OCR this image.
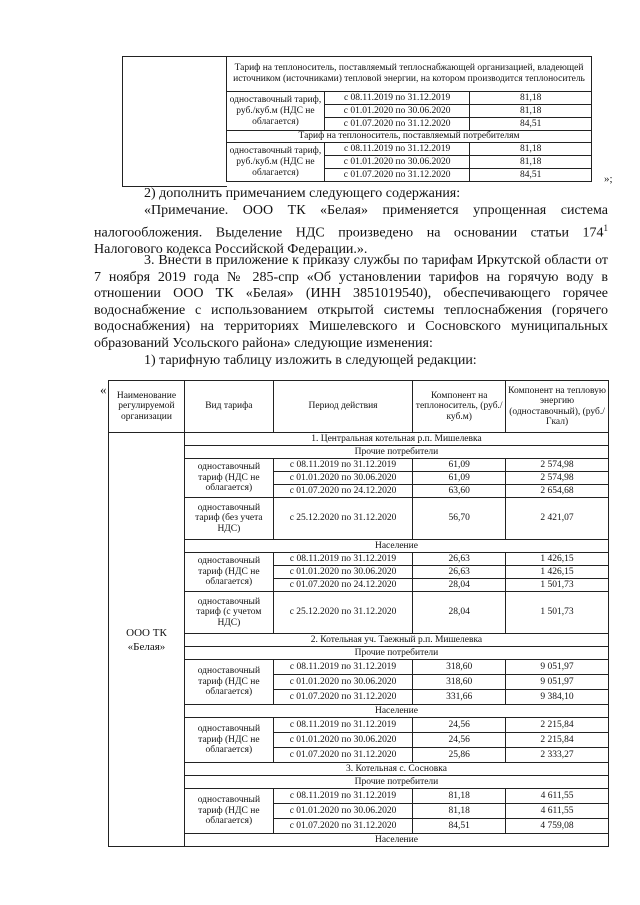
Тариф на теплоноситель, поставляемый теплоснабжающей организацией, владеющей источником (источниками) тепловой энергии, на котором производится теплоноситель		
одноставочный тариф, руб./куб.м (НДС не облагается)	с 08.11.2019 по 31.12.2019	81,18
	с 01.01.2020 по 30.06.2020	81,18
	с 01.07.2020 по 31.12.2020	84,51
Тариф на теплоноситель, поставляемый потребителям		
одноставочный тариф, руб./куб.м (НДС не облагается)	с 08.11.2019 по 31.12.2019	81,18
	с 01.01.2020 по 30.06.2020	81,18
	с 01.07.2020 по 31.12.2020	84,51	»;
2) дополнить примечанием следующего содержания:
«Примечание. ООО ТК «Белая» применяется упрощенная система налогообложения. Выделение НДС произведено на основании статьи $174^1$ Налогового кодекса Российской Федерации.».
3. Внести в приложение к приказу службы по тарифам Иркутской области от 7 ноября 2019 года № 285-спр «Об установлении тарифов на горячую воду в отношении ООО ТК «Белая» (ИНН 3851019540), обеспечивающего горячее водоснабжение с использованием открытой системы теплоснабжения (горячего водоснабжения) на территориях Мишелевского и Сосновского муниципальных образований Усольского района» следующие изменения:
1) тарифную таблицу изложить в следующей редакции:
« Наименование регулируемой организации	Вид тарифа	Период действия	Компонент на теплоноситель, (руб./куб.м)	Компонент на тепловую энергию (одноставочный), (руб./Гкал)
ООО ТК «Белая»	1. Центральная котельная р.п. Мишелевка			
	Прочие потребители			
	одноставочный тариф (НДС не облагается)	с 08.11.2019 по 31.12.2019	61,09	2 574,98
		с 01.01.2020 по 30.06.2020	61,09	2 574,98
		с 01.07.2020 по 24.12.2020	63,60	2 654,68
	одноставочный тариф (без учета НДС)	с 25.12.2020 по 31.12.2020	56,70	2 421,07
	Население			
	одноставочный тариф (НДС не облагается)	с 08.11.2019 по 31.12.2019	26,63	1 426,15
		с 01.01.2020 по 30.06.2020	26,63	1 426,15
		с 01.07.2020 по 24.12.2020	28,04	1 501,73
	одноставочный тариф (с учетом НДС)	с 25.12.2020 по 31.12.2020	28,04	1 501,73
	2. Котельная уч. Таежный р.п. Мишелевка			
	Прочие потребители			
	одноставочный тариф (НДС не облагается)	с 08.11.2019 по 31.12.2019	318,60	9 051,97
		с 01.01.2020 по 30.06.2020	318,60	9 051,97
		с 01.07.2020 по 31.12.2020	331,66	9 384,10
	Население			
	одноставочный тариф (НДС не облагается)	с 08.11.2019 по 31.12.2019	24,56	2 215,84
		с 01.01.2020 по 30.06.2020	24,56	2 215,84
		с 01.07.2020 по 31.12.2020	25,86	2 333,27
	3. Котельная с. Сосновка			
	Прочие потребители			
	одноставочный тариф (НДС не облагается)	с 08.11.2019 по 31.12.2019	81,18	4 611,55
		с 01.01.2020 по 30.06.2020	81,18	4 611,55
		с 01.07.2020 по 31.12.2020	84,51	4 759,08
	Население			
